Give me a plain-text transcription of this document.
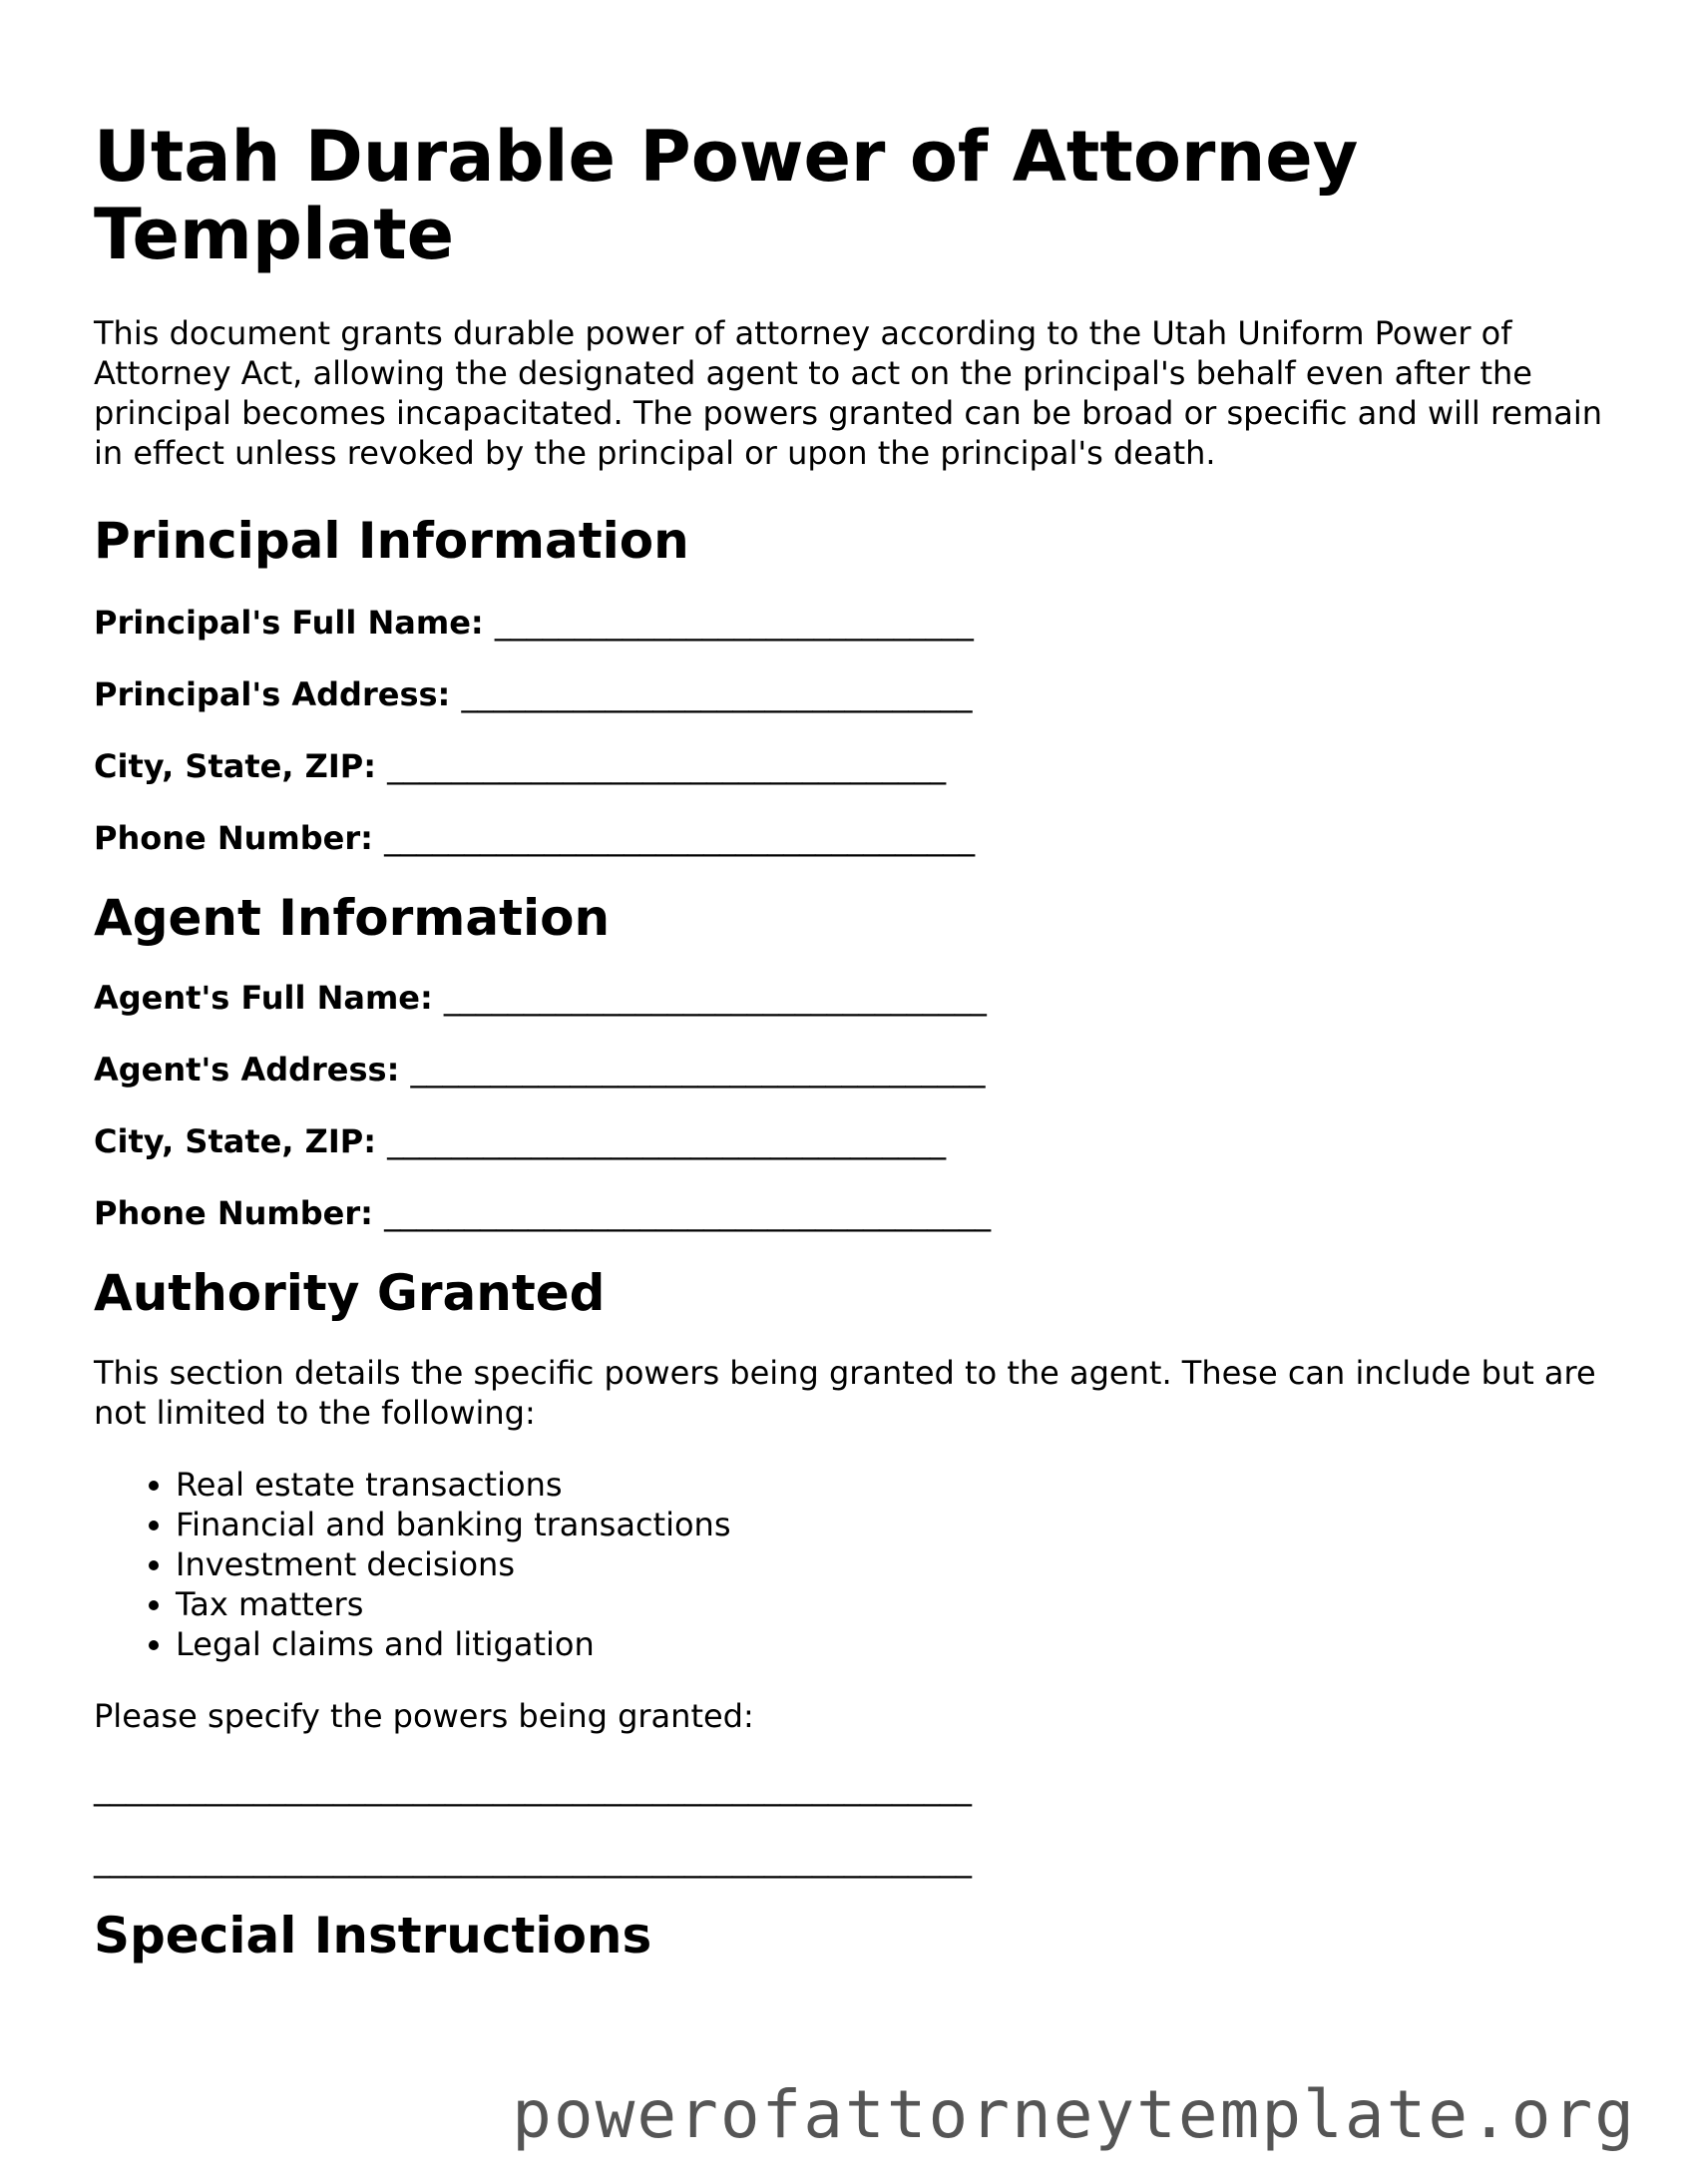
Utah Durable Power of Attorney Template

This document grants durable power of attorney according to the Utah Uniform Power of Attorney Act, allowing the designated agent to act on the principal's behalf even after the principal becomes incapacitated. The powers granted can be broad or specific and will remain in effect unless revoked by the principal or upon the principal's death.

Principal Information
Principal's Full Name: ______________________________
Principal's Address: ________________________________
City, State, ZIP: ___________________________________
Phone Number: _____________________________________
Agent Information
Agent's Full Name: __________________________________
Agent's Address: ____________________________________
City, State, ZIP: ___________________________________
Phone Number: ______________________________________
Authority Granted

This section details the specific powers being granted to the agent. These can include but are not limited to the following:

• Real estate transactions
• Financial and banking transactions
• Investment decisions
• Tax matters
• Legal claims and litigation

Please specify the powers being granted:

_______________________________________________________
_______________________________________________________
Special Instructions
powerofattorneytemplate.org
